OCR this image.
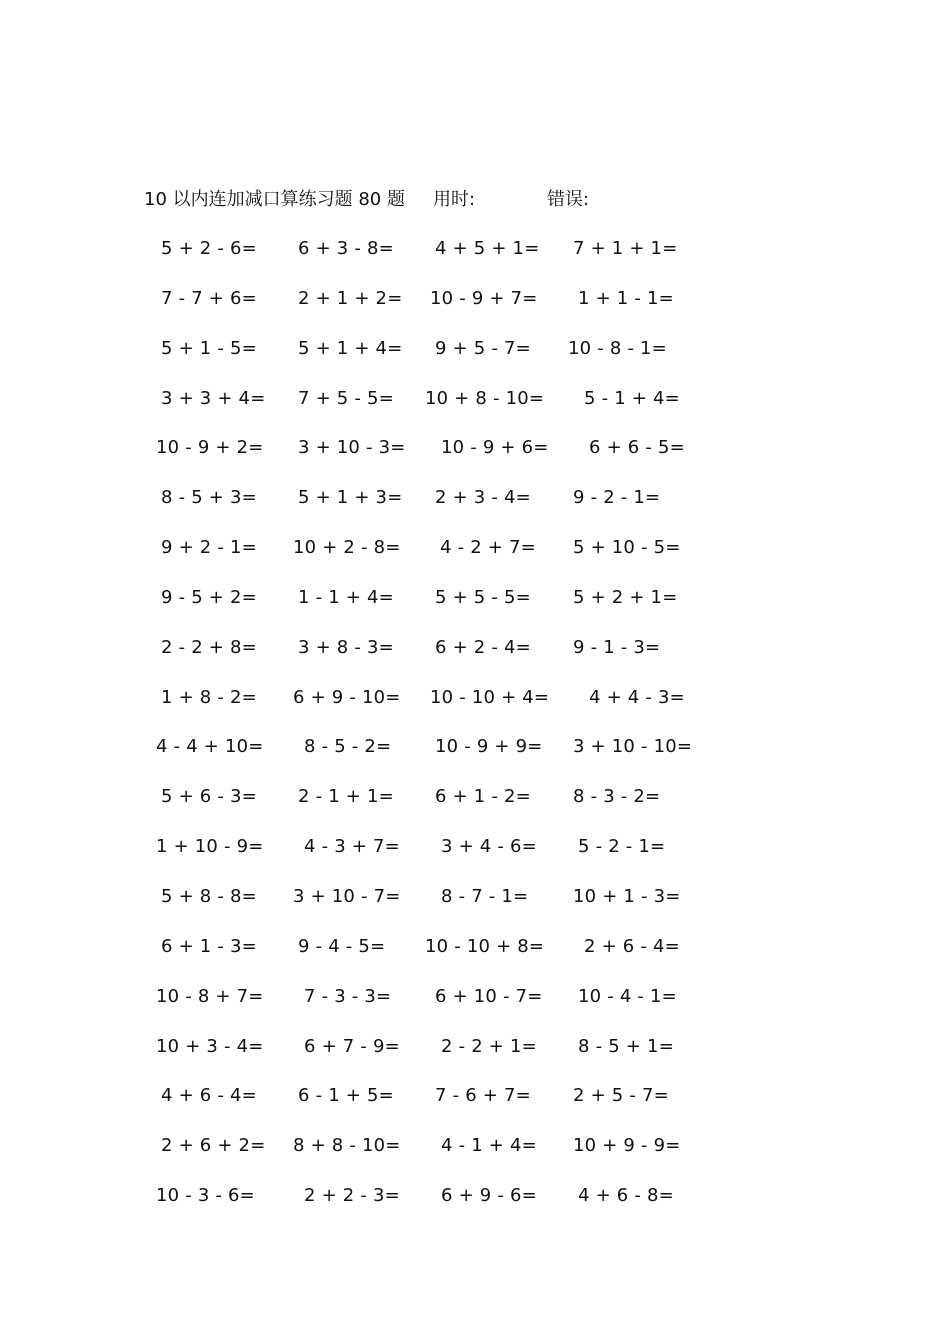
10 以内连加减口算练习题 80 题 用时:	错误:
5 + 2 - 6= 6 + 3 - 8= 4 + 5 + 1= 7 + 1 + 1=
7 - 7 + 6= 2 + 1 + 2= 10 - 9 + 7= 1 + 1 - 1=
5 + 1 - 5= 5 + 1 + 4= 9 + 5 - 7= 10 - 8 - 1=
3 + 3 + 4= 7 + 5 - 5= 10 + 8 - 10= 5 - 1 + 4=
10 - 9 + 2= 3 + 10 - 3= 10 - 9 + 6= 6 + 6 - 5=
8 - 5 + 3= 5 + 1 + 3= 2 + 3 - 4= 9 - 2 - 1=
9 + 2 - 1= 10 + 2 - 8= 4 - 2 + 7= 5 + 10 - 5=
9 - 5 + 2= 1 - 1 + 4= 5 + 5 - 5= 5 + 2 + 1=
2 - 2 + 8= 3 + 8 - 3= 6 + 2 - 4= 9 - 1 - 3=
1 + 8 - 2= 6 + 9 - 10= 10 - 10 + 4= 4 + 4 - 3=
4 - 4 + 10= 8 - 5 - 2= 10 - 9 + 9= 3 + 10 - 10=
5 + 6 - 3= 2 - 1 + 1= 6 + 1 - 2= 8 - 3 - 2=
1 + 10 - 9= 4 - 3 + 7= 3 + 4 - 6= 5 - 2 - 1=
5 + 8 - 8= 3 + 10 - 7= 8 - 7 - 1= 10 + 1 - 3=
6 + 1 - 3= 9 - 4 - 5= 10 - 10 + 8= 2 + 6 - 4=
10 - 8 + 7= 7 - 3 - 3= 6 + 10 - 7= 10 - 4 - 1=
10 + 3 - 4= 6 + 7 - 9= 2 - 2 + 1= 8 - 5 + 1=
4 + 6 - 4= 6 - 1 + 5= 7 - 6 + 7= 2 + 5 - 7=
2 + 6 + 2= 8 + 8 - 10= 4 - 1 + 4= 10 + 9 - 9=
10 - 3 - 6=	2 + 2 - 3= 6 + 9 - 6= 4 + 6 - 8=
